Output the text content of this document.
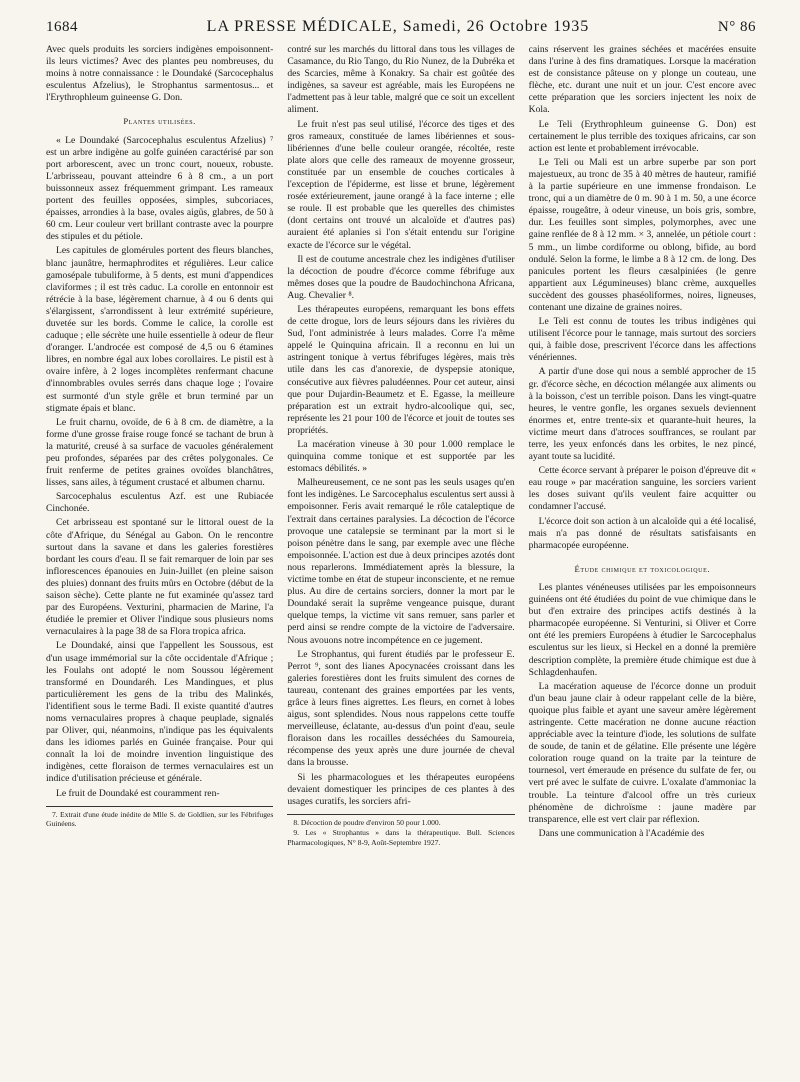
1684	LA PRESSE MÉDICALE, Samedi, 26 Octobre 1935	N° 86

Avec quels produits les sorciers indigènes empoisonnent-ils leurs victimes? Avec des plantes peu nombreuses, du moins à notre connaissance : le Doundaké (Sarcocephalus esculentus Afzelius), le Strophantus sarmentosus... et l'Erythrophleum guineense G. Don.

Plantes utilisées.

« Le Doundaké (Sarcocephalus esculentus Afzelius) ⁷ est un arbre indigène au golfe guinéen caractérisé par son port arborescent, avec un tronc court, noueux, robuste. L'arbrisseau, pouvant atteindre 6 à 8 cm., a un port buissonneux assez fréquemment grimpant. Les rameaux portent des feuilles opposées, simples, subcoriaces, épaisses, arrondies à la base, ovales aigüs, glabres, de 50 à 60 cm. Leur couleur vert brillant contraste avec la pourpre des stipules et du pétiole.

Les capitules de glomérules portent des fleurs blanches, blanc jaunâtre, hermaphrodites et régulières. Leur calice gamosépale tubuliforme, à 5 dents, est muni d'appendices claviformes ; il est très caduc. La corolle en entonnoir est rétrécie à la base, légèrement charnue, à 4 ou 6 dents qui s'élargissent, s'arrondissent à leur extrémité supérieure, duvetée sur les bords. Comme le calice, la corolle est caduque ; elle sécrète une huile essentielle à odeur de fleur d'oranger. L'androcée est composé de 4,5 ou 6 étamines libres, en nombre égal aux lobes corollaires. Le pistil est à ovaire infère, à 2 loges incomplètes renfermant chacune d'innombrables ovules serrés dans chaque loge ; l'ovaire est surmonté d'un style grêle et brun terminé par un stigmate épais et blanc.

Le fruit charnu, ovoïde, de 6 à 8 cm. de diamètre, a la forme d'une grosse fraise rouge foncé se tachant de brun à la maturité, creusé à sa surface de vacuoles généralement peu profondes, séparées par des crêtes polygonales. Ce fruit renferme de petites graines ovoïdes blanchâtres, lisses, sans ailes, à tégument crustacé et albumen charnu.

Sarcocephalus esculentus Azf. est une Rubiacée Cinchonée.

Cet arbrisseau est spontané sur le littoral ouest de la côte d'Afrique, du Sénégal au Gabon. On le rencontre surtout dans la savane et dans les galeries forestières bordant les cours d'eau. Il se fait remarquer de loin par ses inflorescences épanouies en Juin-Juillet (en pleine saison des pluies) donnant des fruits mûrs en Octobre (début de la saison sèche). Cette plante ne fut examinée qu'assez tard par des Européens. Vexturini, pharmacien de Marine, l'a étudiée le premier et Oliver l'indique sous plusieurs noms vernaculaires à la page 38 de sa Flora tropica africa.

Le Doundaké, ainsi que l'appellent les Soussous, est d'un usage immémorial sur la côte occidentale d'Afrique ; les Foulahs ont adopté le nom Soussou légèrement transformé en Doundaréh. Les Mandingues, et plus particulièrement les gens de la tribu des Malinkés, l'identifient sous le terme Badi. Il existe quantité d'autres noms vernaculaires propres à chaque peuplade, signalés par Oliver, qui, néanmoins, n'indique pas les équivalents dans les idiomes parlés en Guinée française. Pour qui connaît la loi de moindre invention linguistique des indigènes, cette floraison de termes vernaculaires est un indice d'utilisation précieuse et générale.

Le fruit de Doundaké est couramment ren-

7. Extrait d'une étude inédite de Mlle S. de Goldlien, sur les Fébrifuges Guinéens.

contré sur les marchés du littoral dans tous les villages de Casamance, du Rio Tango, du Rio Nunez, de la Dubréka et des Scarcies, même à Konakry. Sa chair est goûtée des indigènes, sa saveur est agréable, mais les Européens ne l'admettent pas à leur table, malgré que ce soit un excellent aliment.

Le fruit n'est pas seul utilisé, l'écorce des tiges et des gros rameaux, constituée de lames libériennes et sous-libériennes d'une belle couleur orangée, récoltée, reste plate alors que celle des rameaux de moyenne grosseur, constituée par un ensemble de couches corticales à l'exception de l'épiderme, est lisse et brune, légèrement rosée extérieurement, jaune orangé à la face interne ; elle se roule. Il est probable que les querelles des chimistes (dont certains ont trouvé un alcaloïde et d'autres pas) auraient été aplanies si l'on s'était entendu sur l'origine exacte de l'écorce sur le végétal.

Il est de coutume ancestrale chez les indigènes d'utiliser la décoction de poudre d'écorce comme fébrifuge aux mêmes doses que la poudre de Baudochinchona Africana, Aug. Chevalier ⁸.

Les thérapeutes européens, remarquant les bons effets de cette drogue, lors de leurs séjours dans les rivières du Sud, l'ont administrée à leurs malades. Corre l'a même appelé le Quinquina africain. Il a reconnu en lui un astringent tonique à vertus fébrifuges légères, mais très utile dans les cas d'anorexie, de dyspepsie atonique, consécutive aux fièvres paludéennes. Pour cet auteur, ainsi que pour Dujardin-Beaumetz et E. Egasse, la meilleure préparation est un extrait hydro-alcoolique qui, sec, représente les 21 pour 100 de l'écorce et jouit de toutes ses propriétés.

La macération vineuse à 30 pour 1.000 remplace le quinquina comme tonique et est supportée par les estomacs débilités. »

Malheureusement, ce ne sont pas les seuls usages qu'en font les indigènes. Le Sarcocephalus esculentus sert aussi à empoisonner. Feris avait remarqué le rôle cataleptique de l'extrait dans certaines paralysies. La décoction de l'écorce provoque une catalepsie se terminant par la mort si le poison pénètre dans le sang, par exemple avec une flèche empoisonnée. L'action est due à deux principes azotés dont nous reparlerons. Immédiatement après la blessure, la victime tombe en état de stupeur inconsciente, et ne remue plus. Au dire de certains sorciers, donner la mort par le Doundaké serait la suprême vengeance puisque, durant quelque temps, la victime vit sans remuer, sans parler et perd ainsi se rendre compte de la victoire de l'adversaire. Nous avouons notre incompétence en ce jugement.

Le Strophantus, qui furent étudiés par le professeur E. Perrot ⁹, sont des lianes Apocynacées croissant dans les galeries forestières dont les fruits simulent des cornes de taureau, contenant des graines emportées par les vents, grâce à leurs fines aigrettes. Les fleurs, en cornet à lobes aigus, sont splendides. Nous nous rappelons cette touffe merveilleuse, éclatante, au-dessus d'un point d'eau, seule floraison dans les rocailles desséchées du Samoureia, récompense des yeux après une dure journée de cheval dans la brousse.

Si les pharmacologues et les thérapeutes européens devaient domestiquer les principes de ces plantes à des usages curatifs, les sorciers afri-

8. Décoction de poudre d'environ 50 pour 1.000.

9. Les « Strophantus » dans la thérapeutique. Bull. Sciences Pharmacologiques, N° 8-9, Août-Septembre 1927.

cains réservent les graines séchées et macérées ensuite dans l'urine à des fins dramatiques. Lorsque la macération est de consistance pâteuse on y plonge un couteau, une flèche, etc. durant une nuit et un jour. C'est encore avec cette préparation que les sorciers injectent les noix de Kola.

Le Teli (Erythrophleum guineense G. Don) est certainement le plus terrible des toxiques africains, car son action est lente et probablement irrévocable.

Le Teli ou Mali est un arbre superbe par son port majestueux, au tronc de 35 à 40 mètres de hauteur, ramifié à la partie supérieure en une immense frondaison. Le tronc, qui a un diamètre de 0 m. 90 à 1 m. 50, a une écorce épaisse, rougeâtre, à odeur vineuse, un bois gris, sombre, dur. Les feuilles sont simples, polymorphes, avec une gaine renflée de 8 à 12 mm. × 3, annelée, un pétiole court : 5 mm., un limbe cordiforme ou oblong, bifide, au bord ondulé. Selon la forme, le limbe a 8 à 12 cm. de long. Des panicules portent les fleurs cæsalpiniées (le genre appartient aux Légumineuses) blanc crème, auxquelles succèdent des gousses phaséoliformes, noires, ligneuses, contenant une dizaine de graines noires.

Le Teli est connu de toutes les tribus indigènes qui utilisent l'écorce pour le tannage, mais surtout des sorciers qui, à faible dose, prescrivent l'écorce dans les affections vénériennes.

A partir d'une dose qui nous a semblé approcher de 15 gr. d'écorce sèche, en décoction mélangée aux aliments ou à la boisson, c'est un terrible poison. Dans les vingt-quatre heures, le ventre gonfle, les organes sexuels deviennent énormes et, entre trente-six et quarante-huit heures, la victime meurt dans d'atroces souffrances, se roulant par terre, les yeux enfoncés dans les orbites, le nez pincé, ayant toute sa lucidité.

Cette écorce servant à préparer le poison d'épreuve dit « eau rouge » par macération sanguine, les sorciers varient les doses suivant qu'ils veulent faire acquitter ou condamner l'accusé.

L'écorce doit son action à un alcaloïde qui a été localisé, mais n'a pas donné de résultats satisfaisants en pharmacopée européenne.

Étude chimique et toxicologique.

Les plantes vénéneuses utilisées par les empoisonneurs guinéens ont été étudiées du point de vue chimique dans le but d'en extraire des principes actifs destinés à la pharmacopée européenne. Si Venturini, si Oliver et Corre ont été les premiers Européens à étudier le Sarcocephalus esculentus sur les lieux, si Heckel en a donné la première description complète, la première étude chimique est due à Schlagdenhaufen.

La macération aqueuse de l'écorce donne un produit d'un beau jaune clair à odeur rappelant celle de la bière, quoique plus faible et ayant une saveur amère légèrement astringente. Cette macération ne donne aucune réaction appréciable avec la teinture d'iode, les solutions de sulfate de soude, de tanin et de gélatine. Elle présente une légère coloration rouge quand on la traite par la teinture de tournesol, vert émeraude en présence du sulfate de fer, ou vert pré avec le sulfate de cuivre. L'oxalate d'ammoniac la trouble. La teinture d'alcool offre un très curieux phénomène de dichroïsme : jaune madère par transparence, elle est vert clair par réflexion.

Dans une communication à l'Académie des
